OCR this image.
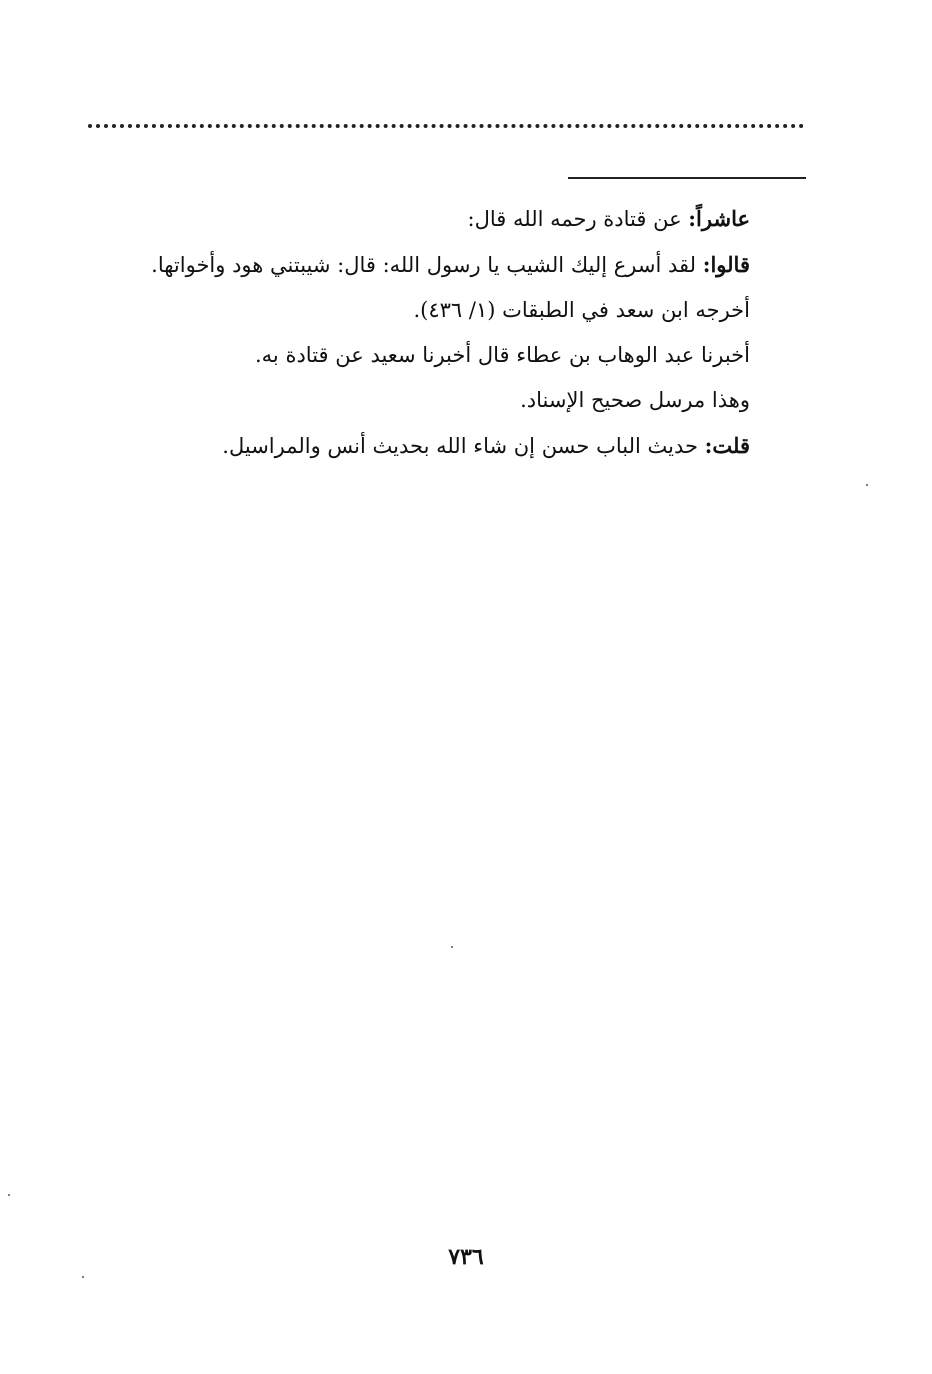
عاشراً: عن قتادة رحمه الله قال:
قالوا: لقد أسرع إليك الشيب يا رسول الله: قال: شيبتني هود وأخواتها.
أخرجه ابن سعد في الطبقات (١/ ٤٣٦).
أخبرنا عبد الوهاب بن عطاء قال أخبرنا سعيد عن قتادة به.
وهذا مرسل صحيح الإسناد.
قلت: حديث الباب حسن إن شاء الله بحديث أنس والمراسيل.
٧٣٦
